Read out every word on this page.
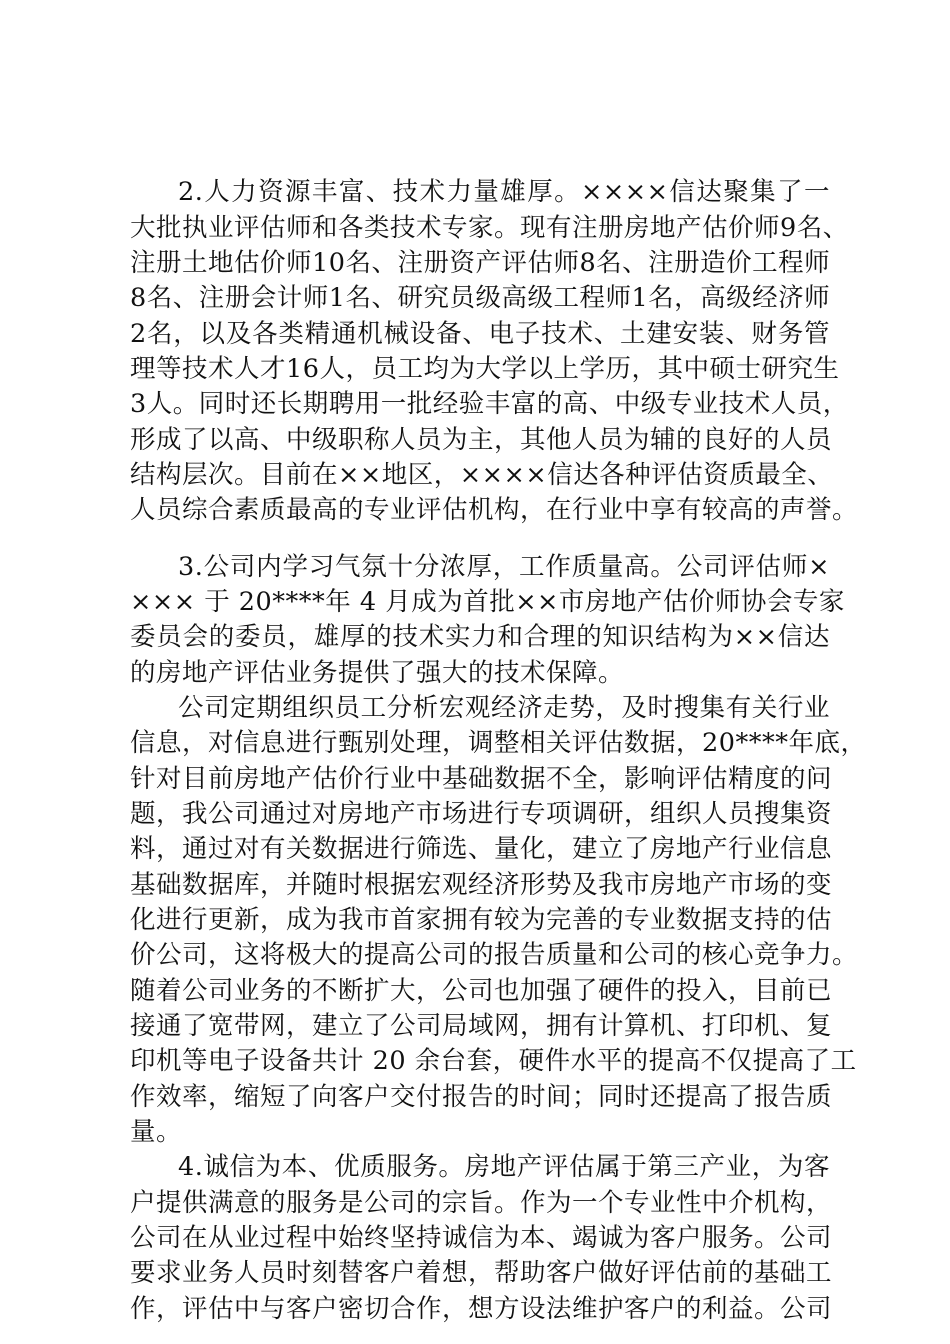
2.人力资源丰富、技术力量雄厚。××××信达聚集了一
大批执业评估师和各类技术专家。现有注册房地产估价师9名、
注册土地估价师10名、注册资产评估师8名、注册造价工程师
8名、注册会计师1名、研究员级高级工程师1名，高级经济师
2名，以及各类精通机械设备、电子技术、土建安装、财务管
理等技术人才16人，员工均为大学以上学历，其中硕士研究生
3人。同时还长期聘用一批经验丰富的高、中级专业技术人员，
形成了以高、中级职称人员为主，其他人员为辅的良好的人员
结构层次。目前在××地区，××××信达各种评估资质最全、
人员综合素质最高的专业评估机构，在行业中享有较高的声誉。
3.公司内学习气氛十分浓厚，工作质量高。公司评估师×
××× 于 20****年 4 月成为首批××市房地产估价师协会专家
委员会的委员，雄厚的技术实力和合理的知识结构为××信达
的房地产评估业务提供了强大的技术保障。
公司定期组织员工分析宏观经济走势，及时搜集有关行业
信息，对信息进行甄别处理，调整相关评估数据，20****年底，
针对目前房地产估价行业中基础数据不全，影响评估精度的问
题，我公司通过对房地产市场进行专项调研，组织人员搜集资
料，通过对有关数据进行筛选、量化，建立了房地产行业信息
基础数据库，并随时根据宏观经济形势及我市房地产市场的变
化进行更新，成为我市首家拥有较为完善的专业数据支持的估
价公司，这将极大的提高公司的报告质量和公司的核心竞争力。
随着公司业务的不断扩大，公司也加强了硬件的投入，目前已
接通了宽带网，建立了公司局域网，拥有计算机、打印机、复
印机等电子设备共计 20 余台套，硬件水平的提高不仅提高了工
作效率，缩短了向客户交付报告的时间；同时还提高了报告质
量。
4.诚信为本、优质服务。房地产评估属于第三产业，为客
户提供满意的服务是公司的宗旨。作为一个专业性中介机构，
公司在从业过程中始终坚持诚信为本、竭诚为客户服务。公司
要求业务人员时刻替客户着想，帮助客户做好评估前的基础工
作，评估中与客户密切合作，想方设法维护客户的利益。公司
